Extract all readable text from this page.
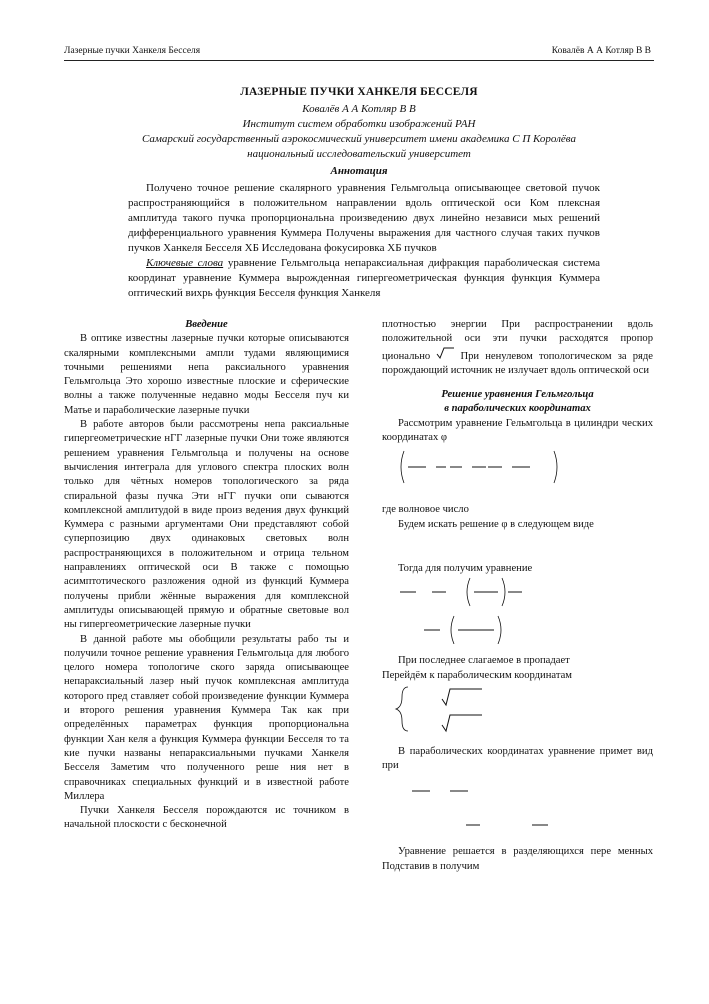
Лазерные пучки Ханкеля Бесселя	Ковалёв А А Котляр В В
ЛАЗЕРНЫЕ ПУЧКИ ХАНКЕЛЯ БЕССЕЛЯ
Ковалёв А А Котляр В В
Институт систем обработки изображений РАН
Самарский государственный аэрокосмический университет имени академика С П Королёва
национальный исследовательский университет
Аннотация
Полученo точное решение скалярного уравнения Гельмгольца описывающее световой пучок распространяющийся в положительном направлении вдоль оптической оси Ком плексная амплитуда такого пучка пропорциональна произведению двух линейно независи мых решений дифференциального уравнения Куммера Получены выражения для частного случая таких пучков пучков Ханкеля Бесселя ХБ Исследована фокусировка ХБ пучков
Ключевые слова уравнение Гельмгольца непараксиальная дифракция параболическая система координат уравнение Куммера вырожденная гипергеометрическая функция функция Куммера оптический вихрь функция Бесселя функция Ханкеля

Введение

В оптике известны лазерные пучки которые описываются скалярными комплексными ампли тудами являющимися точными решениями непа раксиального уравнения Гельмгольца Это хорошо известные плоские и сферические волны а также полученные недавно моды Бесселя пуч ки Матье и параболические лазерные пучки

В работе авторов были рассмотрены непа раксиальные гипергеометрические нГГ лазерные пучки Они тоже являются решением уравнения Гельмгольца и получены на основе вычисления интеграла для углового спектра плоских волн только для чётных номеров топологического за ряда спиральной фазы пучка Эти нГГ пучки опи сываются комплексной амплитудой в виде произ ведения двух функций Куммера с разными аргументами Они представляют собой суперпозицию двух одинаковых световых волн распространяющихся в положительном и отрица тельном направлениях оптической оси В также с помощью асимптотического разложения одной из функций Куммера получены прибли жённые выражения для комплексной амплитуды описывающей прямую и обратные световые вол ны гипергеометрические лазерные пучки

В данной работе мы обобщили результаты рабо ты и получили точное решение уравнения Гельмгольца для любого целого номера топологиче ского заряда описывающее непараксиальный лазер ный пучок комплексная амплитуда которого пред ставляет собой произведение функции Куммера и второго решения уравнения Куммера Так как при определённых параметрах функция пропорциональна функции Хан келя а функция Куммера функции Бесселя то та кие пучки названы непараксиальными пучками Ханкеля Бесселя Заметим что полученного реше ния нет в справочниках специальных функций и в известной работе Миллера

Пучки Ханкеля Бесселя порождаются ис точником в начальной плоскости с бесконечной

плотностью энергии При распространении вдоль положительной оси эти пучки расходятся пропор ционально	При ненулевом топологическом за ряде порождающий источник не излучает вдоль оптической оси

Решение уравнения Гельмгольца

в параболических координатах

Рассмотрим уравнение Гельмгольца в цилиндри ческих координатах φ

где волновое число

Будем искать решение φ в следующем виде

Тогда для получим уравнение

При последнее слагаемое в пропадает

Перейдём к параболическим координатам

В параболических координатах уравнение примет вид при

Уравнение решается в разделяющихся пере менных Подставив в получим
